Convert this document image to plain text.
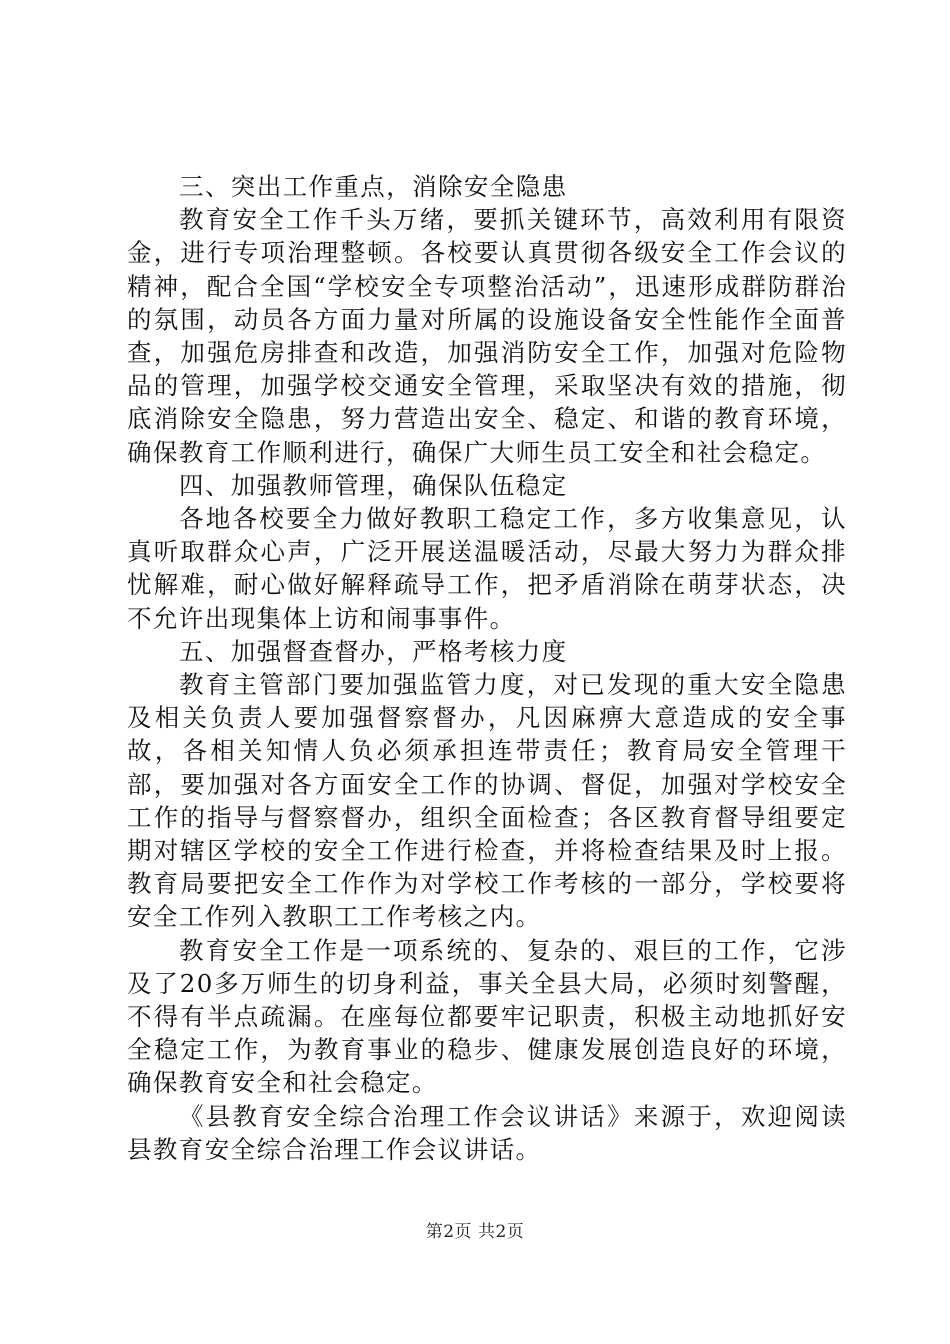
三、突出工作重点，消除安全隐患

教育安全工作千头万绪，要抓关键环节，高效利用有限资金，进行专项治理整顿。各校要认真贯彻各级安全工作会议的精神，配合全国“学校安全专项整治活动”，迅速形成群防群治的氛围，动员各方面力量对所属的设施设备安全性能作全面普查，加强危房排查和改造，加强消防安全工作，加强对危险物品的管理，加强学校交通安全管理，采取坚决有效的措施，彻底消除安全隐患，努力营造出安全、稳定、和谐的教育环境，确保教育工作顺利进行，确保广大师生员工安全和社会稳定。

四、加强教师管理，确保队伍稳定

各地各校要全力做好教职工稳定工作，多方收集意见，认真听取群众心声，广泛开展送温暖活动，尽最大努力为群众排忧解难，耐心做好解释疏导工作，把矛盾消除在萌芽状态，决不允许出现集体上访和闹事事件。

五、加强督查督办，严格考核力度

教育主管部门要加强监管力度，对已发现的重大安全隐患及相关负责人要加强督察督办，凡因麻痹大意造成的安全事故，各相关知情人负必须承担连带责任；教育局安全管理干部，要加强对各方面安全工作的协调、督促，加强对学校安全工作的指导与督察督办，组织全面检查；各区教育督导组要定期对辖区学校的安全工作进行检查，并将检查结果及时上报。教育局要把安全工作作为对学校工作考核的一部分，学校要将安全工作列入教职工工作考核之内。

教育安全工作是一项系统的、复杂的、艰巨的工作，它涉及了20多万师生的切身利益，事关全县大局，必须时刻警醒，不得有半点疏漏。在座每位都要牢记职责，积极主动地抓好安全稳定工作，为教育事业的稳步、健康发展创造良好的环境，确保教育安全和社会稳定。

《县教育安全综合治理工作会议讲话》来源于，欢迎阅读县教育安全综合治理工作会议讲话。

第2页 共2页
